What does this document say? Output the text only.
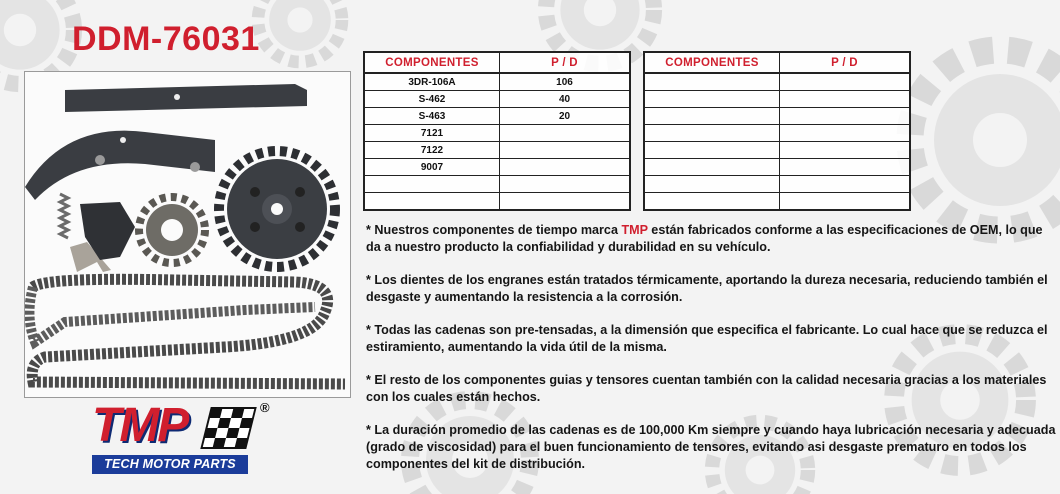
DDM-76031
COMPONENTES	P / D
3DR-106A	106
S-462	40
S-463	20
7121	
7122	
9007	

COMPONENTES	P / D

* Nuestros componentes de tiempo marca TMP están fabricados conforme a las especificaciones de OEM, lo que da a nuestro producto la confiabilidad y durabilidad en su vehículo.

* Los dientes de los engranes están tratados térmicamente, aportando la dureza necesaria, reduciendo también el desgaste y aumentando la resistencia a la corrosión.

* Todas las cadenas son pre-tensadas, a la dimensión que especifica el fabricante. Lo cual hace que se reduzca el estiramiento, aumentando la vida útil de la misma.

* El resto de los componentes guias y tensores cuentan también con la calidad necesaria gracias a los materiales con los cuales están hechos.

* La duración promedio de las cadenas es de 100,000 Km siempre y cuando haya lubricación necesaria y adecuada (grado de viscosidad) para el buen funcionamiento de tensores, evitando asi desgaste prematuro en todos los componentes del kit de distribución.

TMP	®
TECH MOTOR PARTS
